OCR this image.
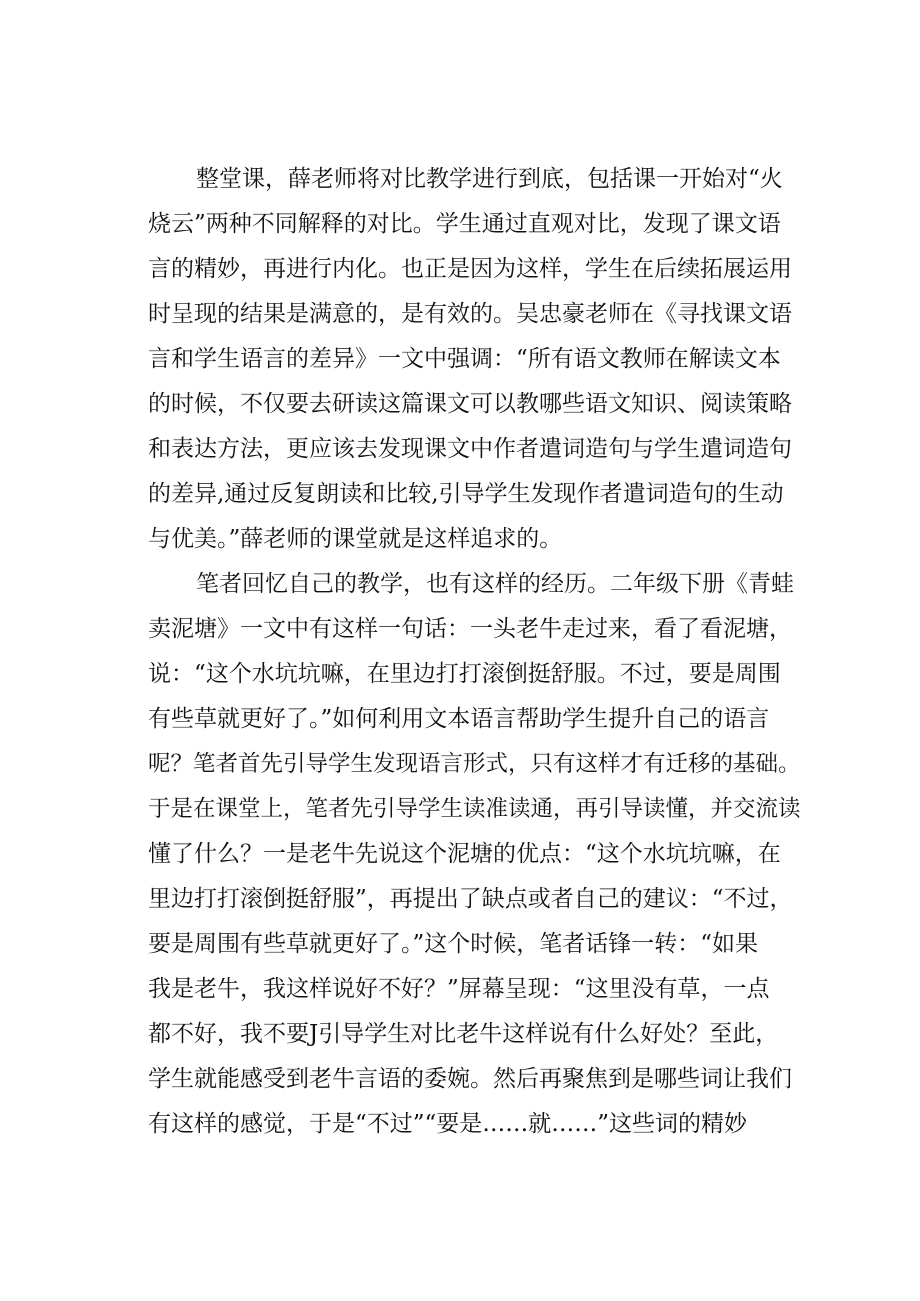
整堂课，薛老师将对比教学进行到底，包括课一开始对“火
烧云”两种不同解释的对比。学生通过直观对比，发现了课文语
言的精妙，再进行内化。也正是因为这样，学生在后续拓展运用
时呈现的结果是满意的，是有效的。吴忠豪老师在《寻找课文语
言和学生语言的差异》一文中强调：“所有语文教师在解读文本
的时候，不仅要去研读这篇课文可以教哪些语文知识、阅读策略
和表达方法，更应该去发现课文中作者遣词造句与学生遣词造句
的差异,通过反复朗读和比较,引导学生发现作者遣词造句的生动
与优美。”薛老师的课堂就是这样追求的。
笔者回忆自己的教学，也有这样的经历。二年级下册《青蛙
卖泥塘》一文中有这样一句话：一头老牛走过来，看了看泥塘，
说：“这个水坑坑嘛，在里边打打滚倒挺舒服。不过，要是周围
有些草就更好了。”如何利用文本语言帮助学生提升自己的语言
呢？笔者首先引导学生发现语言形式，只有这样才有迁移的基础。
于是在课堂上，笔者先引导学生读准读通，再引导读懂，并交流读
懂了什么？一是老牛先说这个泥塘的优点：“这个水坑坑嘛，在
里边打打滚倒挺舒服”，再提出了缺点或者自己的建议：“不过，
要是周围有些草就更好了。”这个时候，笔者话锋一转：“如果
我是老牛，我这样说好不好？”屏幕呈现：“这里没有草，一点
都不好，我不要J引导学生对比老牛这样说有什么好处？至此，
学生就能感受到老牛言语的委婉。然后再聚焦到是哪些词让我们
有这样的感觉，于是“不过”“要是……就……”这些词的精妙
